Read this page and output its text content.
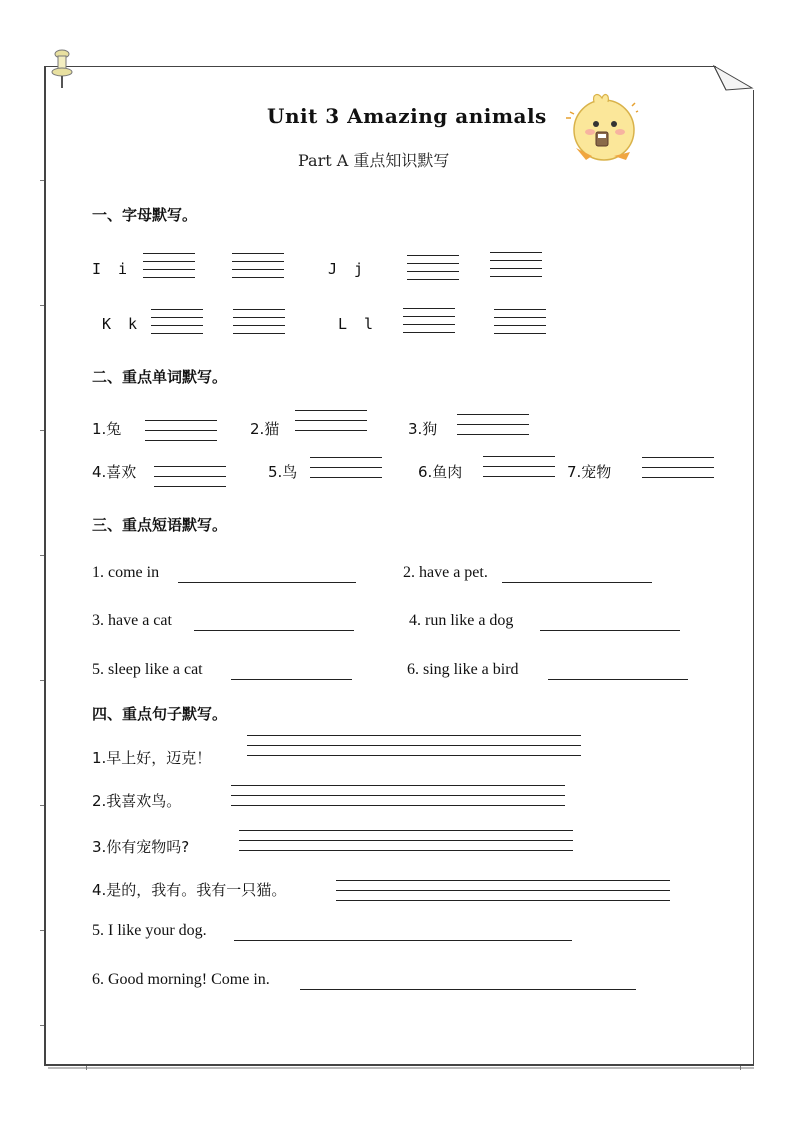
Unit 3 Amazing animals
Part A 重点知识默写
一、字母默写。
I i	J j
K k	L l
二、重点单词默写。
1.兔	2.猫	3.狗
4.喜欢	5.鸟	6.鱼肉	7.宠物
三、重点短语默写。
1. come in	2. have a pet.
3. have a cat	4. run like a dog
5. sleep like a cat	6. sing like a bird
四、重点句子默写。
1.早上好，迈克！
2.我喜欢鸟。
3.你有宠物吗?
4.是的，我有。我有一只猫。
5. I like your dog.
6. Good morning! Come in.
